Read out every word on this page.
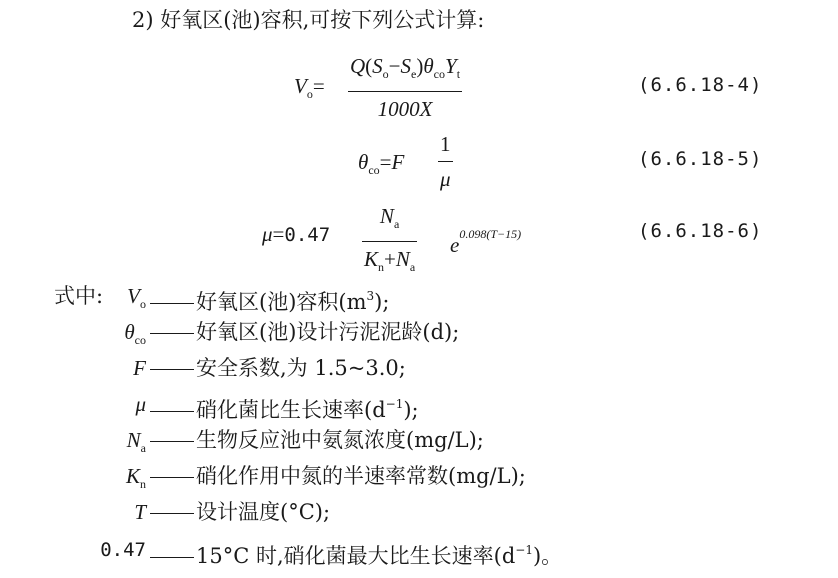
2) 好氧区(池)容积,可按下列公式计算:
$V_o=$
$Q(S_o-S_e)\theta_{co}Y_t$
1000X
(6.6.18-4)
$\theta_{co}=F$
1
μ
(6.6.18-5)
μ=0.47
$N_a$
$K_n+N_a$
$e^{0.098(T-15)}$	(6.6.18-6)
式中:	$V_o$	好氧区(池)容积$(m^3)$;
$\theta_{co}$	好氧区(池)设计污泥泥龄(d);
F	安全系数,为 1.5~3.0;
μ	硝化菌比生长速率$(d^{-1})$;
$N_a$	生物反应池中氨氮浓度(mg/L);
$K_n$	硝化作用中氮的半速率常数(mg/L);
T	设计温度(°C);
0.47	15°C 时,硝化菌最大比生长速率$(d^{-1})$。
